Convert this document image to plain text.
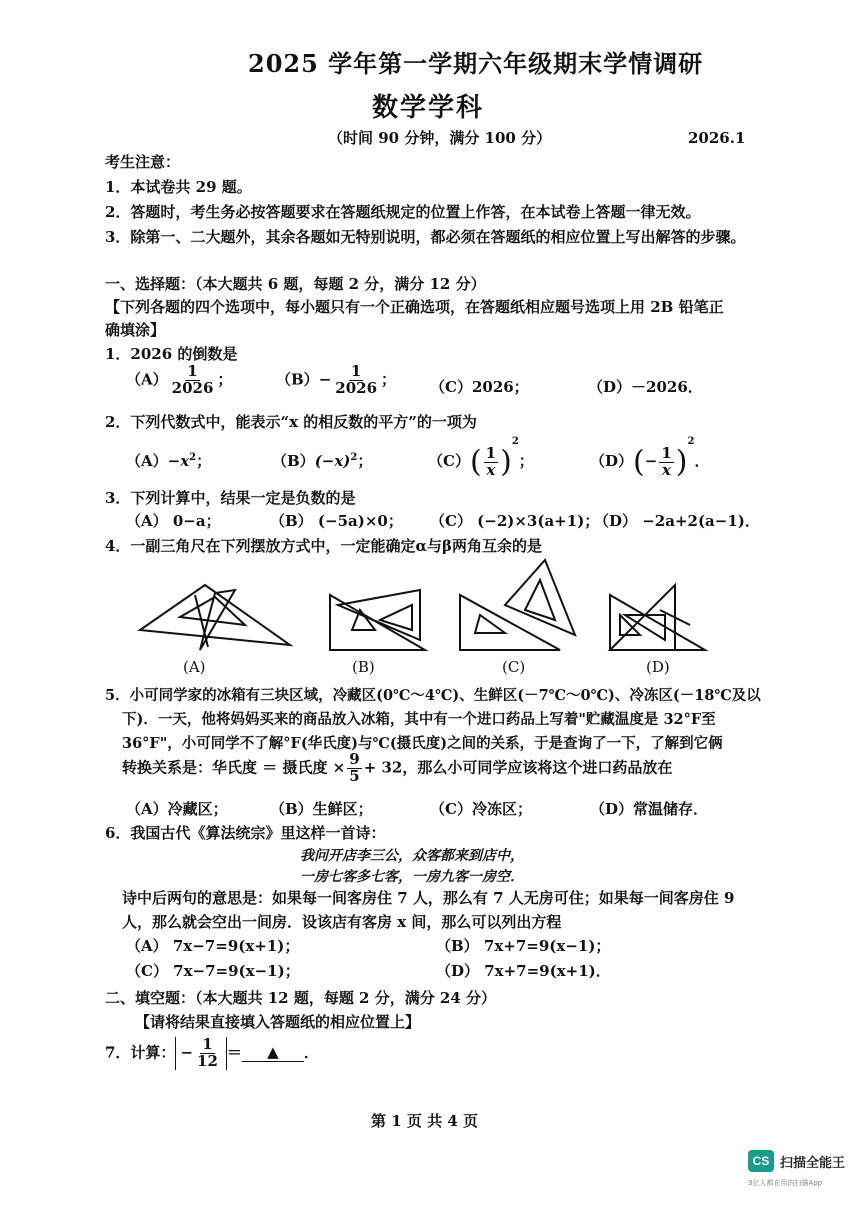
2025 学年第一学期六年级期末学情调研
数学学科
（时间 90 分钟，满分 100 分）	2026.1
考生注意：
1．本试卷共 29 题。
2．答题时，考生务必按答题要求在答题纸规定的位置上作答，在本试卷上答题一律无效。
3．除第一、二大题外，其余各题如无特别说明，都必须在答题纸的相应位置上写出解答的步骤。
一、选择题：（本大题共 6 题，每题 2 分，满分 12 分）
【下列各题的四个选项中，每小题只有一个正确选项，在答题纸相应题号选项上用 2B 铅笔正
确填涂】
1．2026 的倒数是
$(A) \frac{1}{2026}$ ；	$(B)- \frac{1}{2026}$ ； （C）2026；	（D）－2026．
2．下列代数式中，能表示“x 的相反数的平方”的一项为
$(A)-x^2$；	$(B)(-x)^2$；	$(C)( \frac{1}{x} )^2$；	$(D)(- \frac{1}{x} )^2$．
3．下列计算中，结果一定是负数的是
（A） 0−a；	（B） (−5a)×0； （C） (−2)×3(a+1)；
（D） −2a+2(a−1)．
4．一副三角尺在下列摆放方式中，一定能确定α与β两角互余的是
(A)	(B)	(C)	(D)
5．小可同学家的冰箱有三块区域，冷藏区(0℃～4℃)、生鲜区(－7℃～0℃)、冷冻区(－18℃及以
下)．一天，他将妈妈买来的商品放入冰箱，其中有一个进口药品上写着"贮藏温度是 32°F至
36°F"，小可同学不了解°F(华氏度)与℃(摄氏度)之间的关系，于是查询了一下，了解到它俩
转换关系是：华氏度 ＝ 摄氏度 × $\frac{9}{5} + 32$，那么小可同学应该将这个进口药品放在
（A）冷藏区；	（B）生鲜区；	（C）冷冻区；	（D）常温储存．
6．我国古代《算法统宗》里这样一首诗：
我问开店李三公，众客都来到店中，
一房七客多七客，一房九客一房空．
诗中后两句的意思是：如果每一间客房住 7 人，那么有 7 人无房可住；如果每一间客房住 9
人，那么就会空出一间房．设该店有客房 x 间，那么可以列出方程
（A） 7x−7=9(x+1)；	（B） 7x+7=9(x−1)；
（C） 7x−7=9(x−1)；	（D） 7x+7=9(x+1)．
二、填空题：（本大题共 12 题，每题 2 分，满分 24 分）
【请将结果直接填入答题纸的相应位置上】
7．计算： − $\frac{1}{12}$ ＝ ▲ ．
第 1 页 共 4 页
CS 扫描全能王
3亿人都在用的扫描App
